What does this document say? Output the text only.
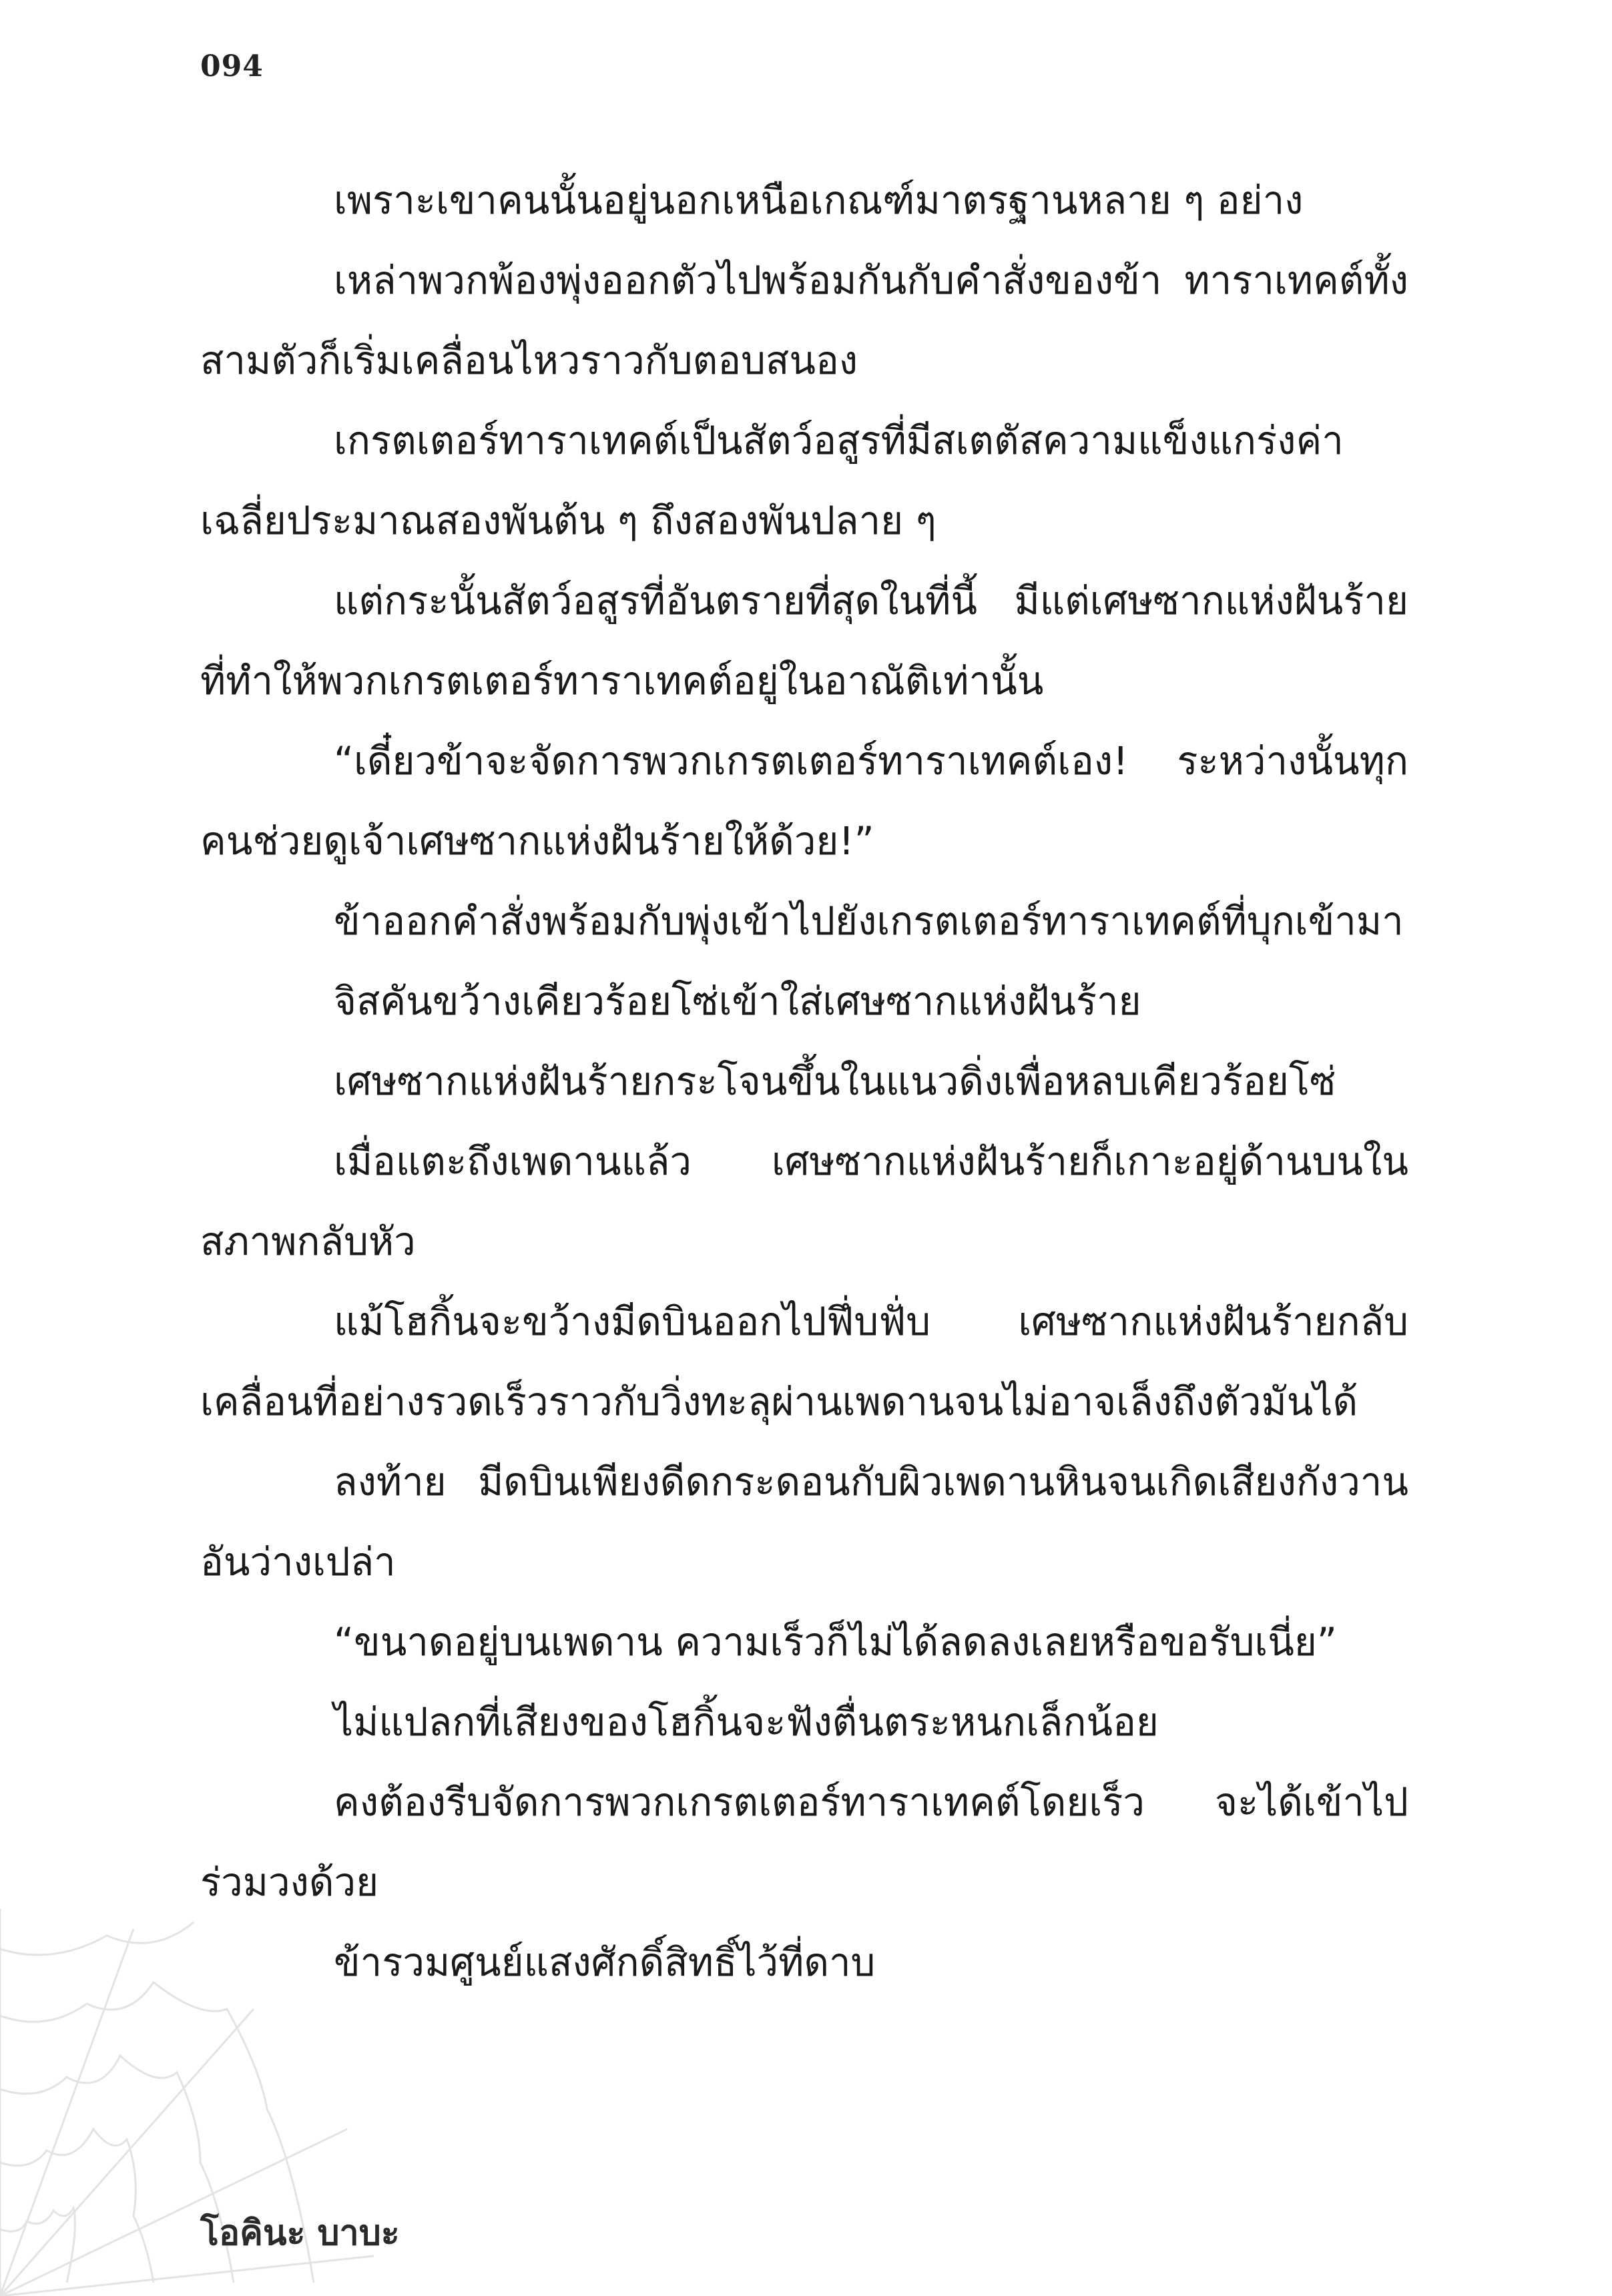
094

เพราะเขาคนนั้นอยู่นอกเหนือเกณฑ์มาตรฐานหลาย ๆ อย่าง

เหล่าพวกพ้องพุ่งออกตัวไปพร้อมกันกับคำสั่งของข้า ทาราเทคต์ทั้งสามตัวก็เริ่มเคลื่อนไหวราวกับตอบสนอง

เกรตเตอร์ทาราเทคต์เป็นสัตว์อสูรที่มีสเตตัสความแข็งแกร่งค่าเฉลี่ยประมาณสองพันต้น ๆ ถึงสองพันปลาย ๆ

แต่กระนั้นสัตว์อสูรที่อันตรายที่สุดในที่นี้ มีแต่เศษซากแห่งฝันร้ายที่ทำให้พวกเกรตเตอร์ทาราเทคต์อยู่ในอาณัติเท่านั้น

“เดี๋ยวข้าจะจัดการพวกเกรตเตอร์ทาราเทคต์เอง! ระหว่างนั้นทุกคนช่วยดูเจ้าเศษซากแห่งฝันร้ายให้ด้วย!”

ข้าออกคำสั่งพร้อมกับพุ่งเข้าไปยังเกรตเตอร์ทาราเทคต์ที่บุกเข้ามา

จิสคันขว้างเคียวร้อยโซ่เข้าใส่เศษซากแห่งฝันร้าย

เศษซากแห่งฝันร้ายกระโจนขึ้นในแนวดิ่งเพื่อหลบเคียวร้อยโซ่

เมื่อแตะถึงเพดานแล้ว เศษซากแห่งฝันร้ายก็เกาะอยู่ด้านบนในสภาพกลับหัว

แม้โฮกิ้นจะขว้างมีดบินออกไปฟึ่บฟั่บ เศษซากแห่งฝันร้ายกลับเคลื่อนที่อย่างรวดเร็วราวกับวิ่งทะลุผ่านเพดานจนไม่อาจเล็งถึงตัวมันได้

ลงท้าย มีดบินเพียงดีดกระดอนกับผิวเพดานหินจนเกิดเสียงกังวานอันว่างเปล่า

“ขนาดอยู่บนเพดาน ความเร็วก็ไม่ได้ลดลงเลยหรือขอรับเนี่ย”

ไม่แปลกที่เสียงของโฮกิ้นจะฟังตื่นตระหนกเล็กน้อย

คงต้องรีบจัดการพวกเกรตเตอร์ทาราเทคต์โดยเร็ว จะได้เข้าไปร่วมวงด้วย

ข้ารวมศูนย์แสงศักดิ์สิทธิ์ไว้ที่ดาบ

โอคินะ บาบะ
